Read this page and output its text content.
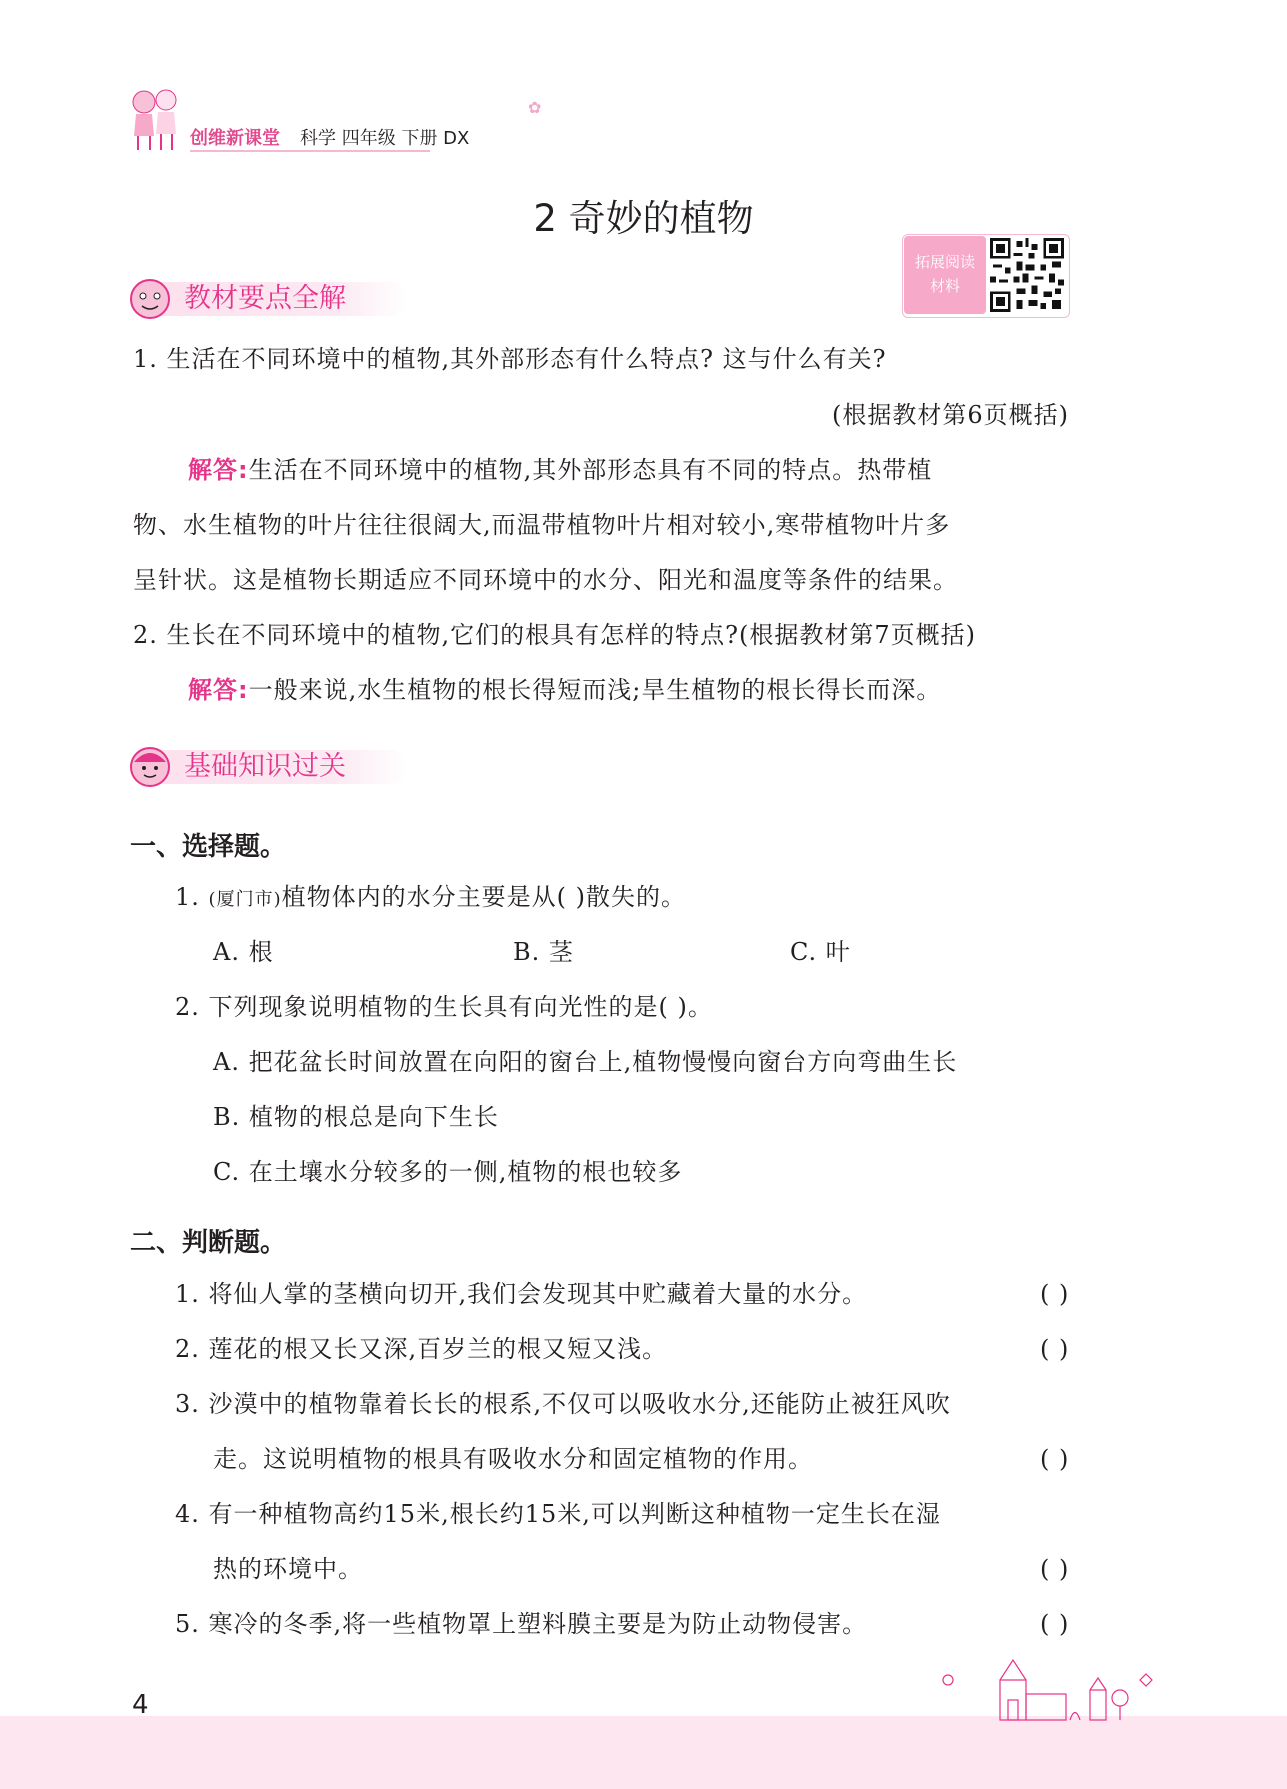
创维新课堂 科学 四年级 下册 DX
✿
2 奇妙的植物
拓展阅读
材料
教材要点全解
1. 生活在不同环境中的植物,其外部形态有什么特点? 这与什么有关?
(根据教材第6页概括)
解答:生活在不同环境中的植物,其外部形态具有不同的特点。热带植
物、水生植物的叶片往往很阔大,而温带植物叶片相对较小,寒带植物叶片多
呈针状。这是植物长期适应不同环境中的水分、阳光和温度等条件的结果。
2. 生长在不同环境中的植物,它们的根具有怎样的特点?(根据教材第7页概括)
解答:一般来说,水生植物的根长得短而浅;旱生植物的根长得长而深。
基础知识过关
一、选择题。
1. (厦门市)植物体内的水分主要是从( )散失的。
A. 根	B. 茎	C. 叶
2. 下列现象说明植物的生长具有向光性的是( )。
A. 把花盆长时间放置在向阳的窗台上,植物慢慢向窗台方向弯曲生长
B. 植物的根总是向下生长
C. 在土壤水分较多的一侧,植物的根也较多
二、判断题。
1. 将仙人掌的茎横向切开,我们会发现其中贮藏着大量的水分。	( )
2. 莲花的根又长又深,百岁兰的根又短又浅。	( )
3. 沙漠中的植物靠着长长的根系,不仅可以吸收水分,还能防止被狂风吹
走。这说明植物的根具有吸收水分和固定植物的作用。	( )
4. 有一种植物高约15米,根长约15米,可以判断这种植物一定生长在湿
热的环境中。	( )
5. 寒冷的冬季,将一些植物罩上塑料膜主要是为防止动物侵害。	( )
4
